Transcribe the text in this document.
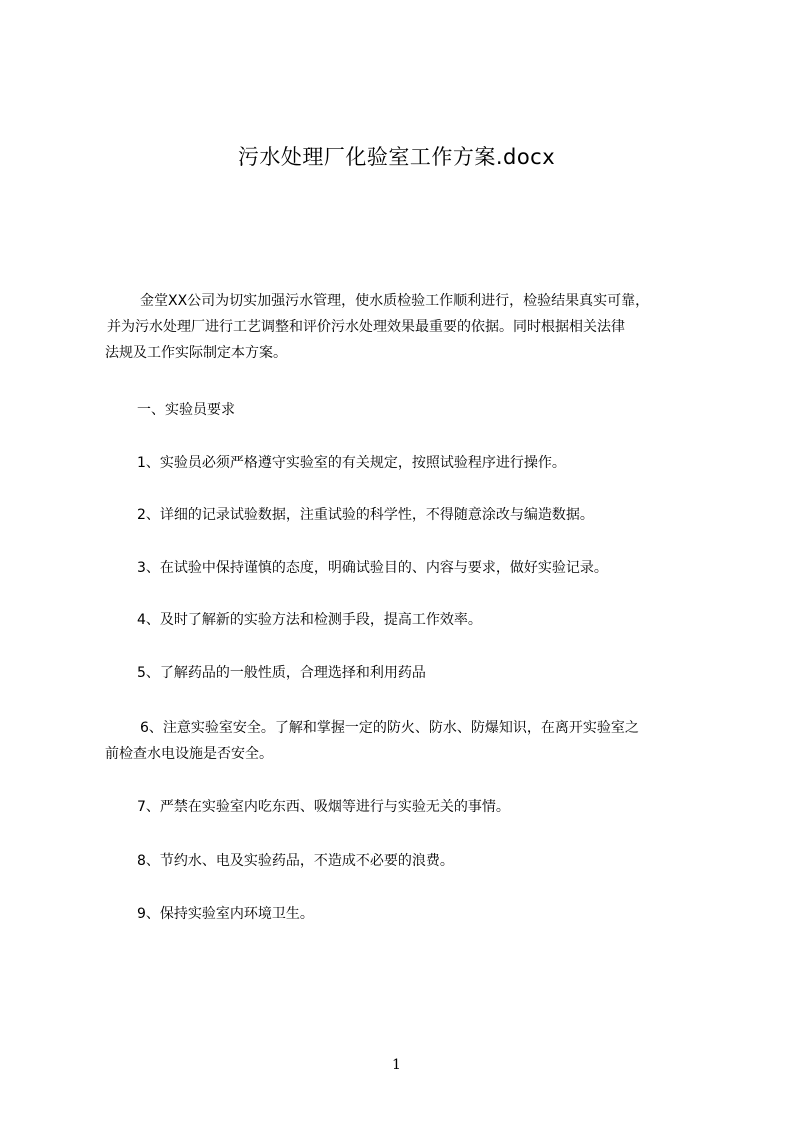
污水处理厂化验室工作方案.docx
金堂XX公司为切实加强污水管理，使水质检验工作顺利进行，检验结果真实可靠，
并为污水处理厂进行工艺调整和评价污水处理效果最重要的依据。同时根据相关法律
法规及工作实际制定本方案。
一、实验员要求
1、实验员必须严格遵守实验室的有关规定，按照试验程序进行操作。
2、详细的记录试验数据，注重试验的科学性，不得随意涂改与编造数据。
3、在试验中保持谨慎的态度，明确试验目的、内容与要求，做好实验记录。
4、及时了解新的实验方法和检测手段，提高工作效率。
5、了解药品的一般性质，合理选择和利用药品
6、注意实验室安全。了解和掌握一定的防火、防水、防爆知识，在离开实验室之
前检查水电设施是否安全。
7、严禁在实验室内吃东西、吸烟等进行与实验无关的事情。
8、节约水、电及实验药品，不造成不必要的浪费。
9、保持实验室内环境卫生。
1
